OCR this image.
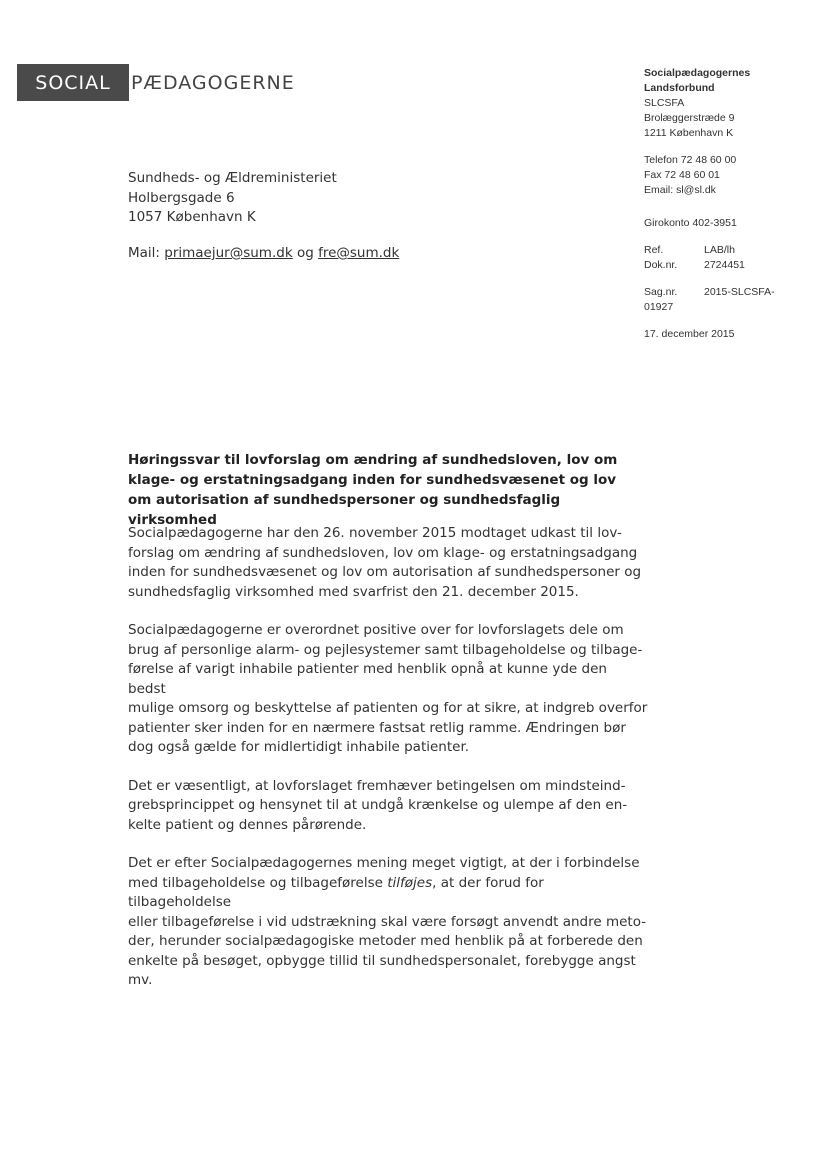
SOCIAL	PÆDAGOGERNE	Socialpædagogernes
Landsforbund
SLCSFA
Brolæggerstræde 9
1211 København K
Telefon 72 48 60 00
Fax 72 48 60 01
Email: sl@sl.dk
Girokonto 402-3951
Ref.	LAB/lh
Dok.nr.	2724451
Sag.nr.	2015-SLCSFA-
01927
17. december 2015
Sundheds- og Ældreministeriet
Holbergsgade 6
1057 København K
Mail: primaejur@sum.dk og fre@sum.dk
Høringssvar til lovforslag om ændring af sundhedsloven, lov om klage- og erstatningsadgang inden for sundhedsvæsenet og lov om autorisation af sundhedspersoner og sundhedsfaglig virksomhed

Socialpædagogerne har den 26. november 2015 modtaget udkast til lov-
forslag om ændring af sundhedsloven, lov om klage- og erstatningsadgang
inden for sundhedsvæsenet og lov om autorisation af sundhedspersoner og
sundhedsfaglig virksomhed med svarfrist den 21. december 2015.

Socialpædagogerne er overordnet positive over for lovforslagets dele om
brug af personlige alarm- og pejlesystemer samt tilbageholdelse og tilbage-
førelse af varigt inhabile patienter med henblik opnå at kunne yde den bedst
mulige omsorg og beskyttelse af patienten og for at sikre, at indgreb overfor
patienter sker inden for en nærmere fastsat retlig ramme. Ændringen bør
dog også gælde for midlertidigt inhabile patienter.

Det er væsentligt, at lovforslaget fremhæver betingelsen om mindsteind-
grebsprincippet og hensynet til at undgå krænkelse og ulempe af den en-
kelte patient og dennes pårørende.

Det er efter Socialpædagogernes mening meget vigtigt, at der i forbindelse
med tilbageholdelse og tilbageførelse tilføjes, at der forud for tilbageholdelse
eller tilbageførelse i vid udstrækning skal være forsøgt anvendt andre meto-
der, herunder socialpædagogiske metoder med henblik på at forberede den
enkelte på besøget, opbygge tillid til sundhedspersonalet, forebygge angst
mv.
